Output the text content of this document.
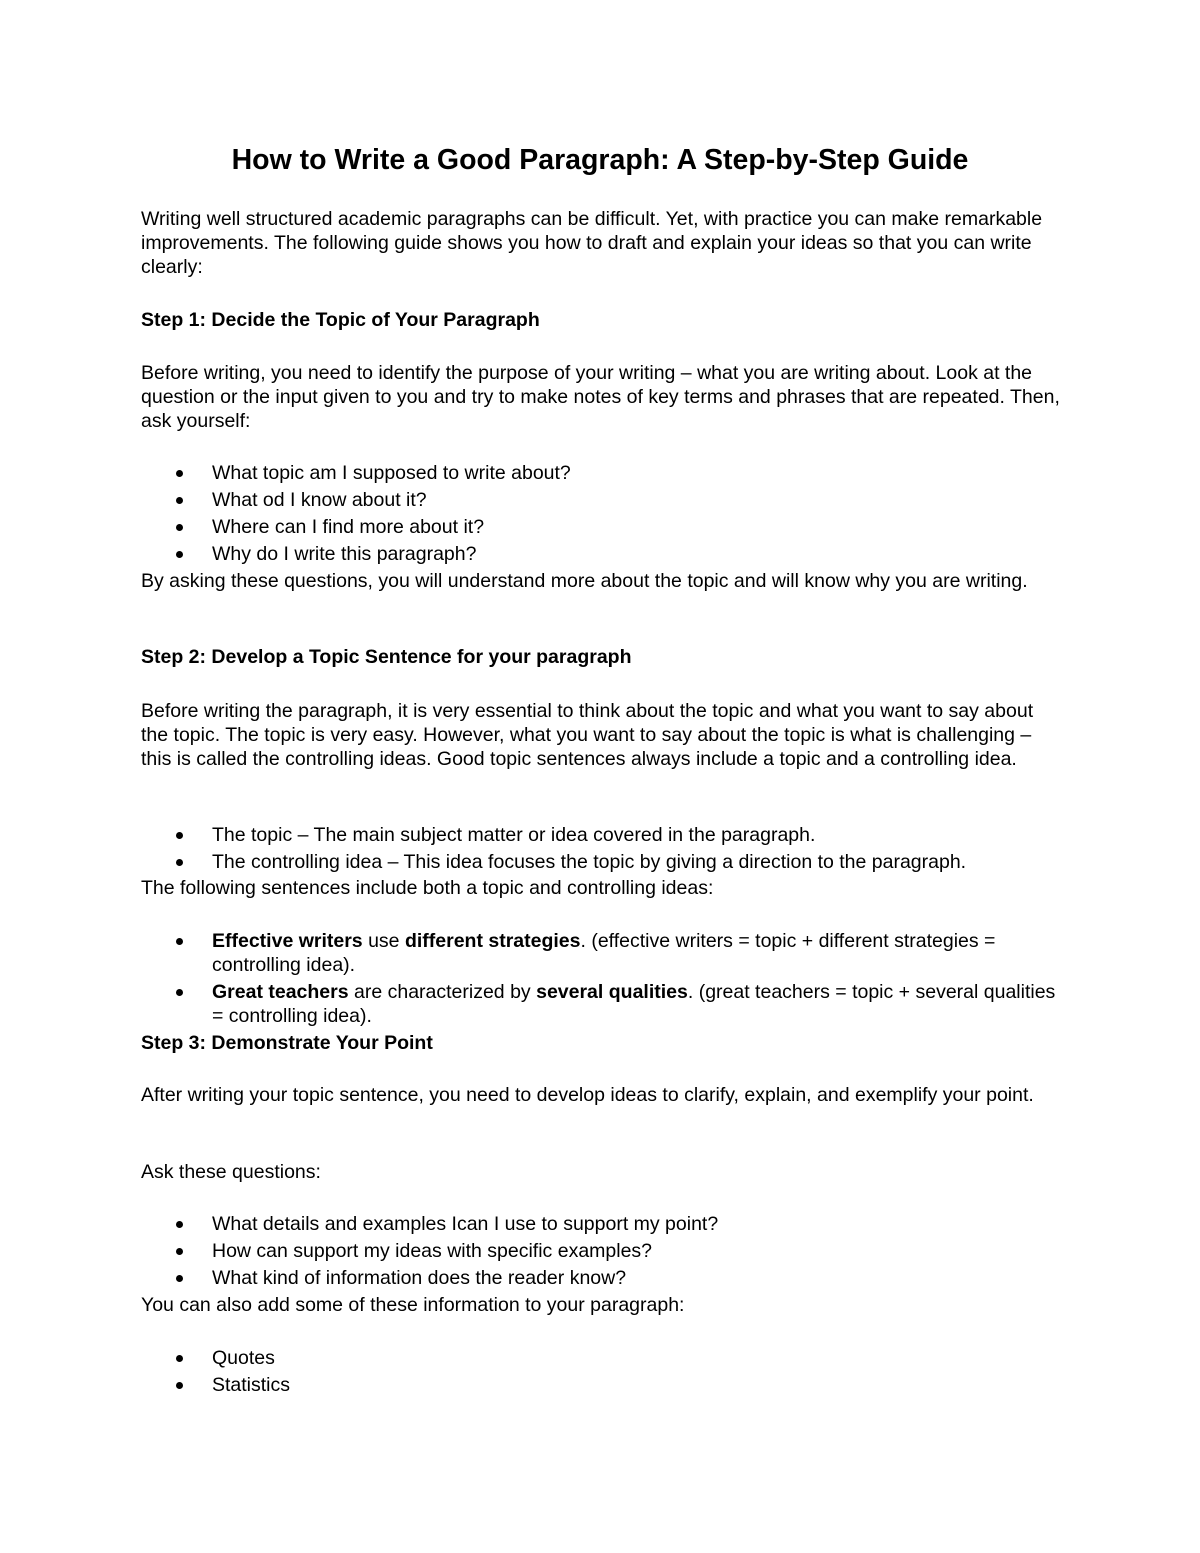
How to Write a Good Paragraph: A Step-by-Step Guide

Writing well structured academic paragraphs can be difficult. Yet, with practice you can make remarkable improvements. The following guide shows you how to draft and explain your ideas so that you can write clearly:

Step 1: Decide the Topic of Your Paragraph

Before writing, you need to identify the purpose of your writing – what you are writing about. Look at the question or the input given to you and try to make notes of key terms and phrases that are repeated. Then, ask yourself:

What topic am I supposed to write about?
What od I know about it?
Where can I find more about it?
Why do I write this paragraph?

By asking these questions, you will understand more about the topic and will know why you are writing.

Step 2: Develop a Topic Sentence for your paragraph

Before writing the paragraph, it is very essential to think about the topic and what you want to say about the topic. The topic is very easy. However, what you want to say about the topic is what is challenging – this is called the controlling ideas. Good topic sentences always include a topic and a controlling idea.

The topic – The main subject matter or idea covered in the paragraph.
The controlling idea – This idea focuses the topic by giving a direction to the paragraph.

The following sentences include both a topic and controlling ideas:

Effective writers use different strategies. (effective writers = topic + different strategies = controlling idea).
Great teachers are characterized by several qualities. (great teachers = topic + several qualities = controlling idea).

Step 3: Demonstrate Your Point

After writing your topic sentence, you need to develop ideas to clarify, explain, and exemplify your point.

Ask these questions:

What details and examples Ican I use to support my point?
How can support my ideas with specific examples?
What kind of information does the reader know?

You can also add some of these information to your paragraph:

Quotes
Statistics
